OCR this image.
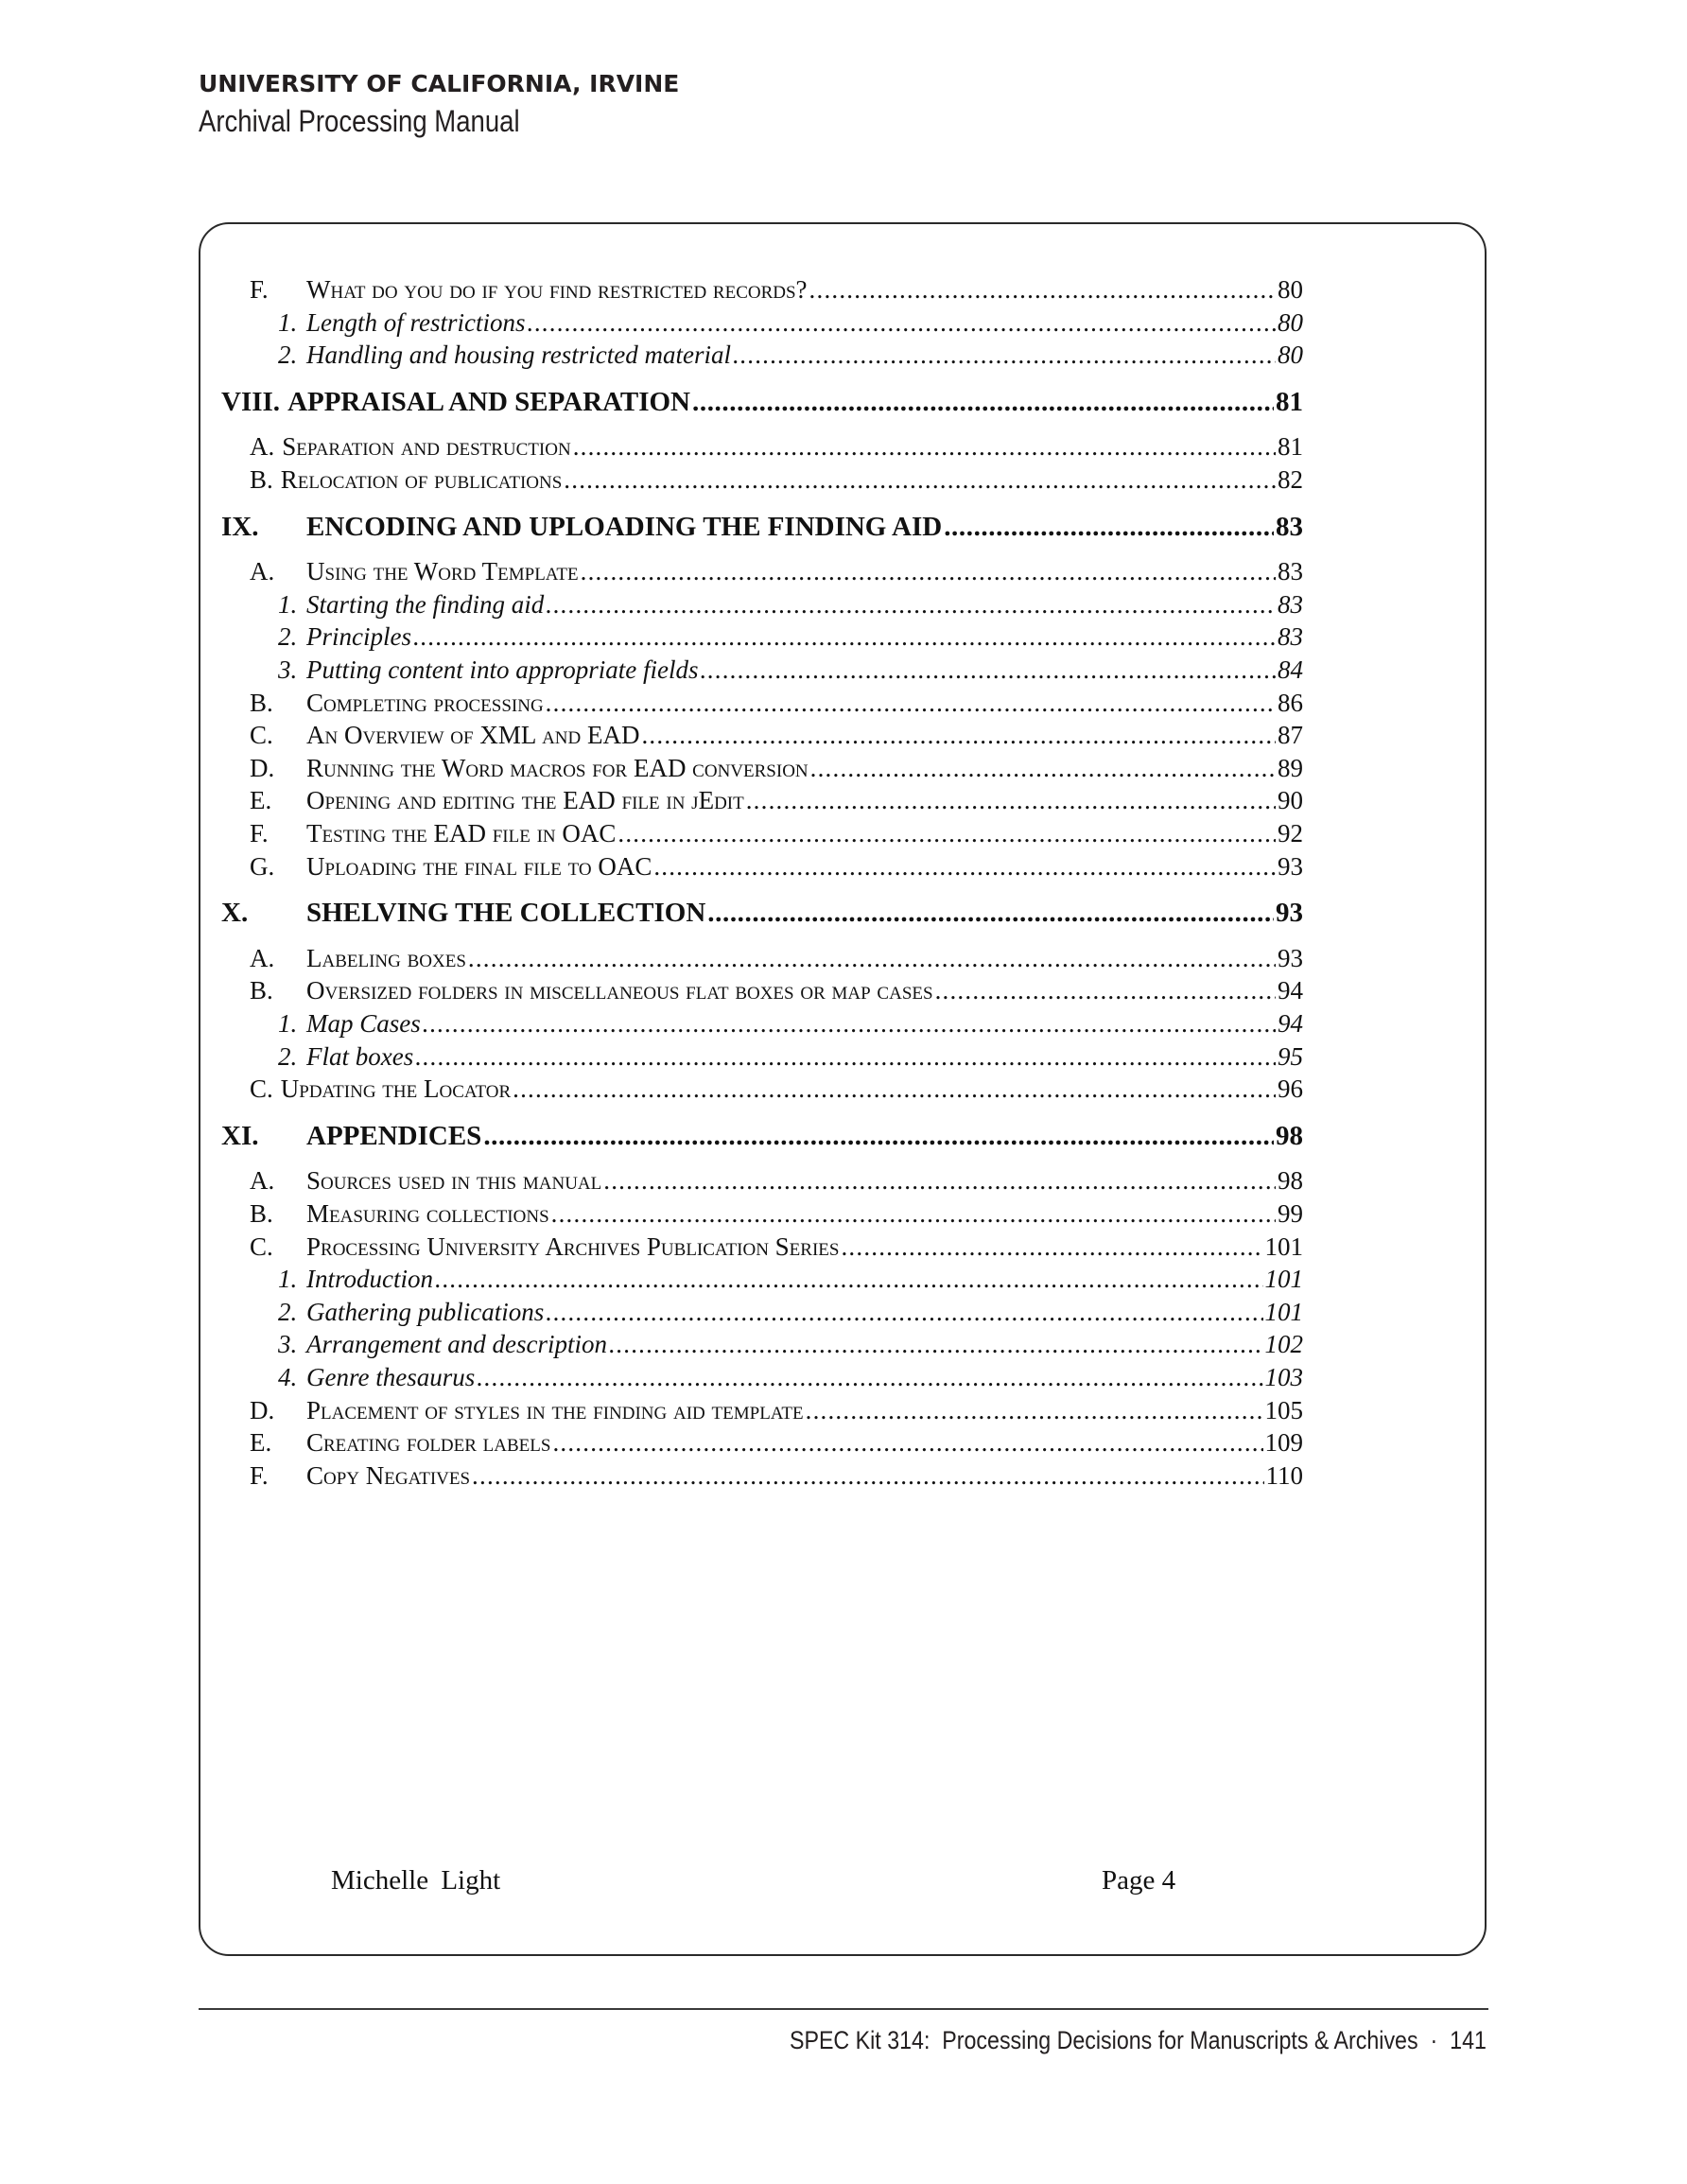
UNIVERSITY OF CALIFORNIA, IRVINE
Archival Processing Manual
F.	What do you do if you find restricted records? .....	80
1. Length of restrictions .....	80
2. Handling and housing restricted material .....	80
VIII. APPRAISAL AND SEPARATION .....	81
A. Separation and destruction .....	81
B. Relocation of publications .....	82
IX.	ENCODING AND UPLOADING THE FINDING AID .....	83
A.	Using the Word Template .....	83
1. Starting the finding aid .....	83
2. Principles .....	83
3. Putting content into appropriate fields .....	84
B.	Completing processing .....	86
C.	An Overview of XML and EAD .....	87
D.	Running the Word macros for EAD conversion .....	89
E.	Opening and editing the EAD file in jEdit .....	90
F.	Testing the EAD file in OAC .....	92
G.	Uploading the final file to OAC .....	93
X.	SHELVING THE COLLECTION .....	93
A.	Labeling boxes .....	93
B.	Oversized folders in miscellaneous flat boxes or map cases .....	94
1. Map Cases .....	94
2. Flat boxes .....	95
C. Updating the Locator .....	96
XI.	APPENDICES .....	98
A.	Sources used in this manual .....	98
B.	Measuring collections .....	99
C.	Processing University Archives Publication Series .....	101
1. Introduction .....	101
2. Gathering publications .....	101
3. Arrangement and description .....	102
4. Genre thesaurus .....	103
D.	Placement of styles in the finding aid template .....	105
E.	Creating folder labels .....	109
F.	Copy Negatives .....	110
Michelle Light	Page 4
SPEC Kit 314:  Processing Decisions for Manuscripts & Archives · 141
